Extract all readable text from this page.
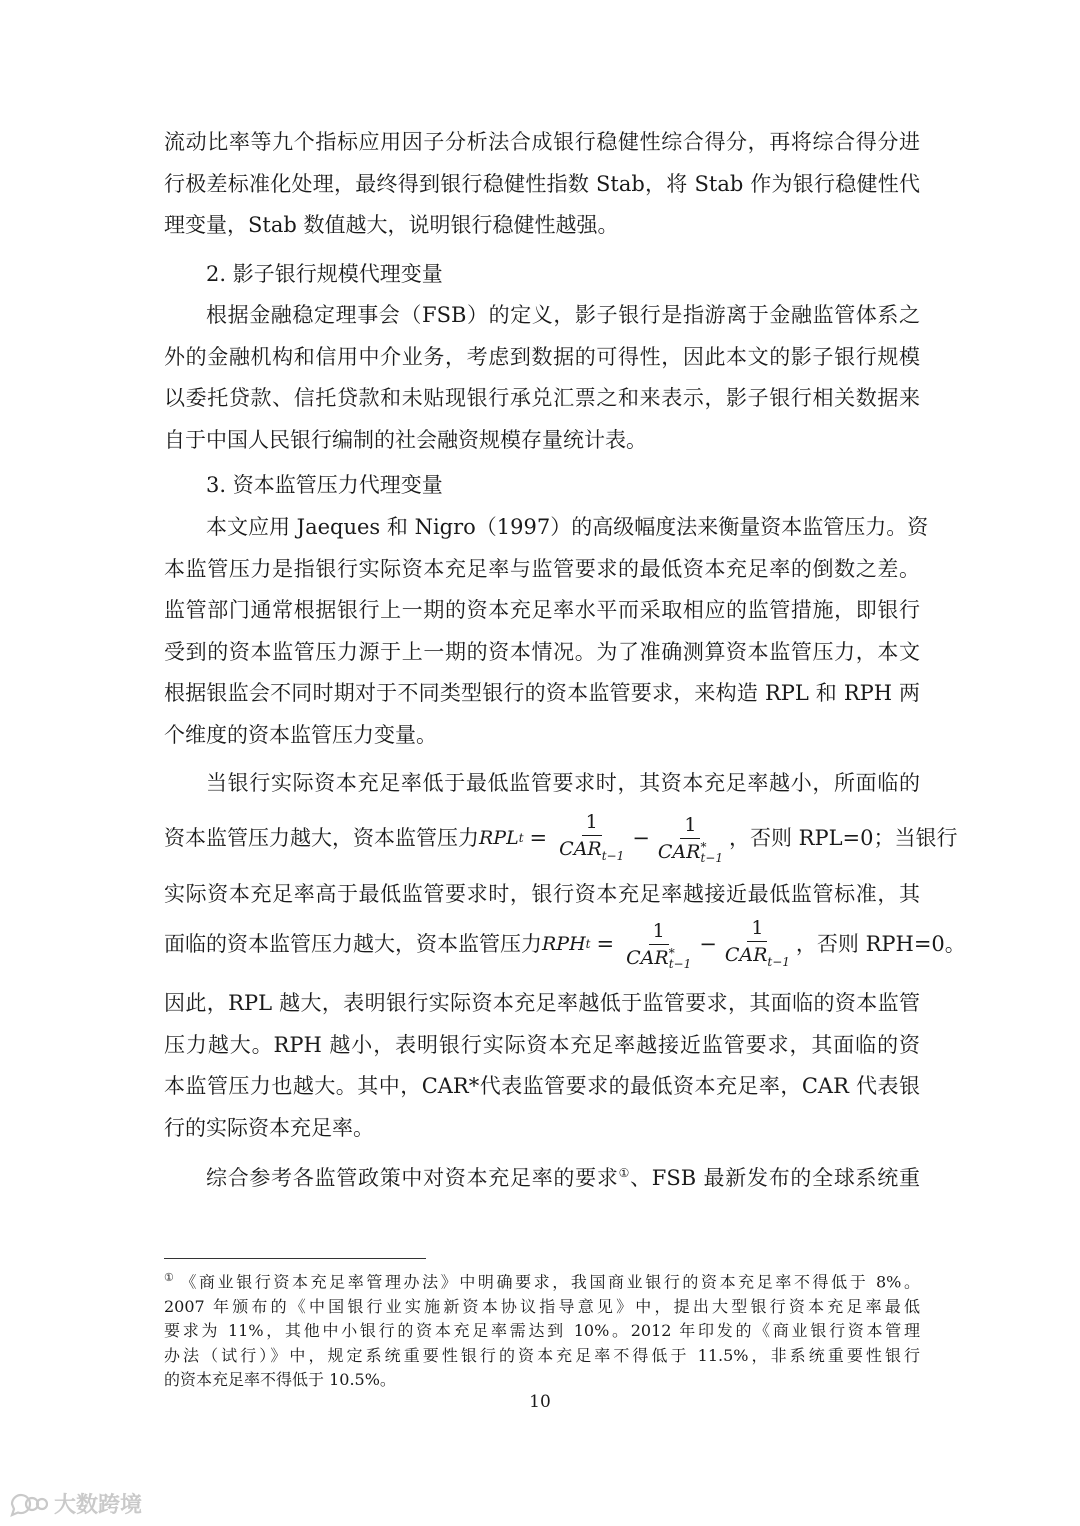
流动比率等九个指标应用因子分析法合成银行稳健性综合得分，再将综合得分进
行极差标准化处理，最终得到银行稳健性指数 Stab，将 Stab 作为银行稳健性代
理变量，Stab 数值越大，说明银行稳健性越强。
2. 影子银行规模代理变量
根据金融稳定理事会（FSB）的定义，影子银行是指游离于金融监管体系之
外的金融机构和信用中介业务，考虑到数据的可得性，因此本文的影子银行规模
以委托贷款、信托贷款和未贴现银行承兑汇票之和来表示，影子银行相关数据来
自于中国人民银行编制的社会融资规模存量统计表。
3. 资本监管压力代理变量
本文应用 Jaeques 和 Nigro（1997）的高级幅度法来衡量资本监管压力。资
本监管压力是指银行实际资本充足率与监管要求的最低资本充足率的倒数之差。
监管部门通常根据银行上一期的资本充足率水平而采取相应的监管措施，即银行
受到的资本监管压力源于上一期的资本情况。为了准确测算资本监管压力，本文
根据银监会不同时期对于不同类型银行的资本监管要求，来构造 RPL 和 RPH 两
个维度的资本监管压力变量。
当银行实际资本充足率低于最低监管要求时，其资本充足率越小，所面临的
资本监管压力越大，资本监管压力 RPL $t = \frac{1}{CAR_{t-1}} - 1$
CAR *
t−1 ，否则 RPL=0；当银行
实际资本充足率高于最低监管要求时，银行资本充足率越接近最低监管标准，其
面临的资本监管压力越大，资本监管压力 RPH t = 1
CAR *
$t-1 - \frac{1}{CAR_{t-1}}$ ，否则 RPH=0。
因此，RPL 越大，表明银行实际资本充足率越低于监管要求，其面临的资本监管
压力越大。RPH 越小，表明银行实际资本充足率越接近监管要求，其面临的资
本监管压力也越大。其中，CAR*代表监管要求的最低资本充足率，CAR 代表银
行的实际资本充足率。
综合参考各监管政策中对资本充足率的要求①、FSB 最新发布的全球系统重
① 《商业银行资本充足率管理办法》中明确要求，我国商业银行的资本充足率不得低于 8%。
2007 年颁布的《中国银行业实施新资本协议指导意见》中，提出大型银行资本充足率最低
要求为 11%，其他中小银行的资本充足率需达到 10%。2012 年印发的《商业银行资本管理
办法（试行）》中，规定系统重要性银行的资本充足率不得低于 11.5%，非系统重要性银行
的资本充足率不得低于 10.5%。
10
大数跨境
